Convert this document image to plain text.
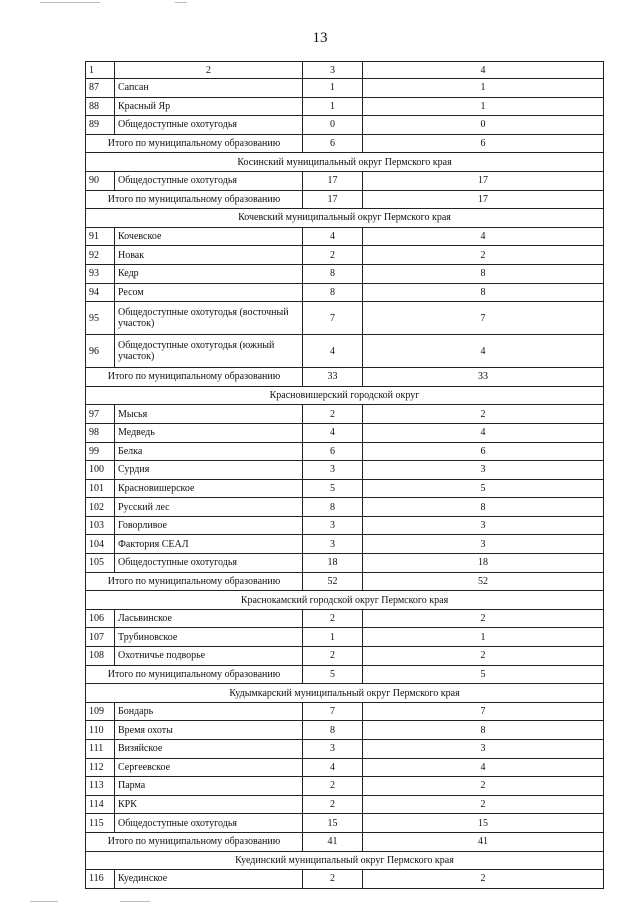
13
1	2	3	4
87	Сапсан	1	1
88	Красный Яр	1	1
89	Общедоступные охотугодья	0	0
Итого по муниципальному образованию		6	6
Косинский муниципальный округ Пермского края			
90	Общедоступные охотугодья	17	17
Итого по муниципальному образованию		17	17
Кочевский муниципальный округ Пермского края			
91	Кочевское	4	4
92	Новак	2	2
93	Кедр	8	8
94	Ресом	8	8
95	Общедоступные охотугодья (восточный участок)	7	7
96	Общедоступные охотугодья (южный участок)	4	4
Итого по муниципальному образованию		33	33
Красновишерский городской округ			
97	Мысья	2	2
98	Медведь	4	4
99	Белка	6	6
100	Сурдия	3	3
101	Красновишерское	5	5
102	Русский лес	8	8
103	Говорливое	3	3
104	Фактория СЕАЛ	3	3
105	Общедоступные охотугодья	18	18
Итого по муниципальному образованию		52	52
Краснокамский городской округ Пермского края			
106	Ласьвинское	2	2
107	Трубиновское	1	1
108	Охотничье подворье	2	2
Итого по муниципальному образованию		5	5
Кудымкарский муниципальный округ Пермского края			
109	Бондарь	7	7
110	Время охоты	8	8
111	Визяйское	3	3
112	Сергеевское	4	4
113	Парма	2	2
114	КРК	2	2
115	Общедоступные охотугодья	15	15
Итого по муниципальному образованию		41	41
Куединский муниципальный округ Пермского края			
116	Куединское	2	2
